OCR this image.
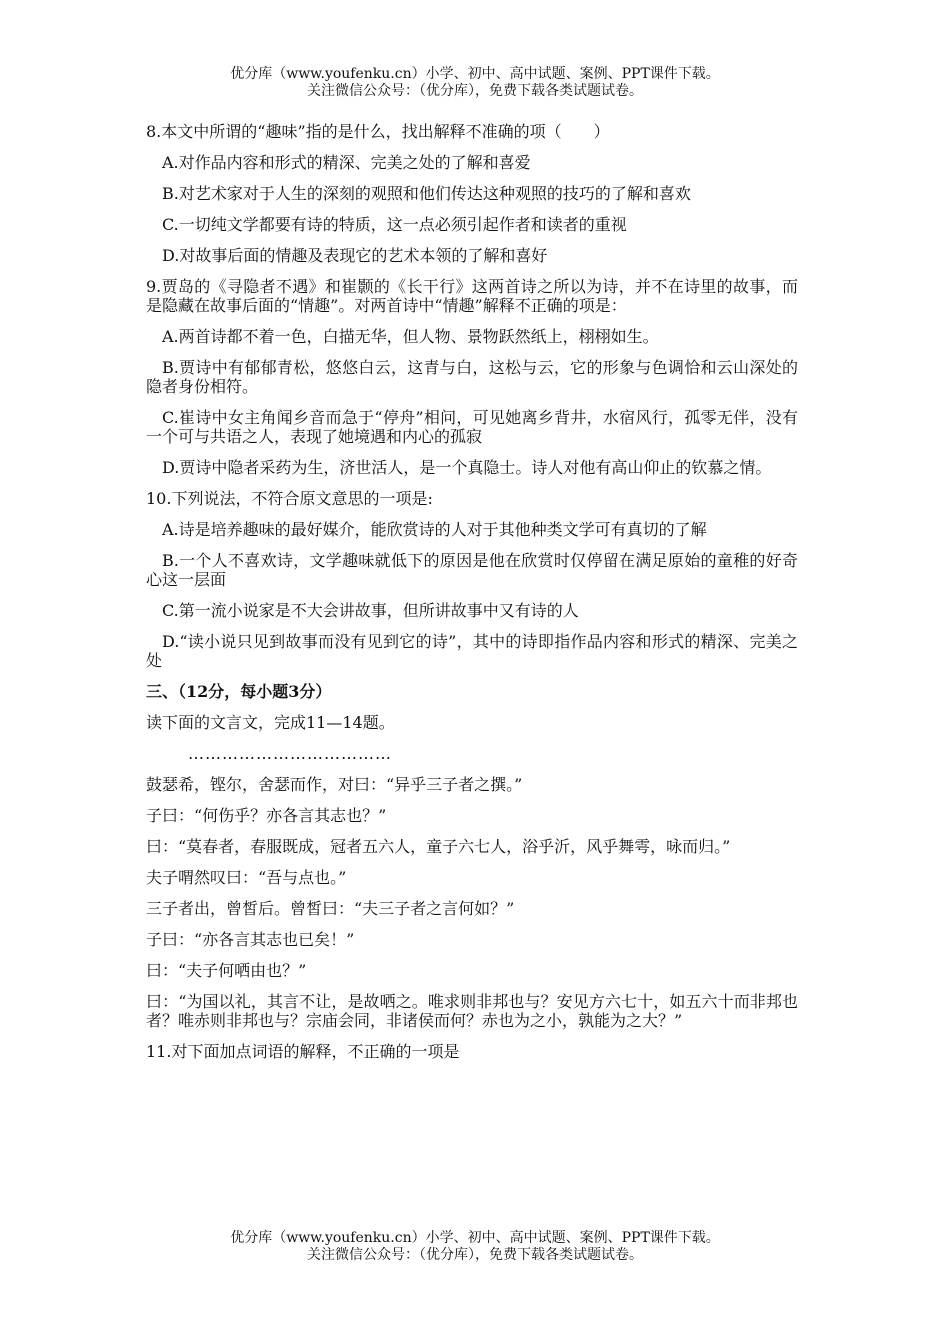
优分库（www.youfenku.cn）小学、初中、高中试题、案例、PPT课件下载。
关注微信公众号：（优分库），免费下载各类试题试卷。
8.本文中所谓的“趣味”指的是什么，找出解释不准确的项（　　）
A.对作品内容和形式的精深、完美之处的了解和喜爱
B.对艺术家对于人生的深刻的观照和他们传达这种观照的技巧的了解和喜欢
C.一切纯文学都要有诗的特质，这一点必须引起作者和读者的重视
D.对故事后面的情趣及表现它的艺术本领的了解和喜好
9.贾岛的《寻隐者不遇》和崔颢的《长干行》这两首诗之所以为诗，并不在诗里的故事，而是隐藏在故事后面的“情趣”。对两首诗中“情趣”解释不正确的项是：
A.两首诗都不着一色，白描无华，但人物、景物跃然纸上，栩栩如生。
B.贾诗中有郁郁青松，悠悠白云，这青与白，这松与云，它的形象与色调恰和云山深处的隐者身份相符。
C.崔诗中女主角闻乡音而急于“停舟”相问，可见她离乡背井，水宿风行，孤零无伴，没有一个可与共语之人，表现了她境遇和内心的孤寂
D.贾诗中隐者采药为生，济世活人，是一个真隐士。诗人对他有高山仰止的钦慕之情。
10.下列说法，不符合原文意思的一项是:
A.诗是培养趣味的最好媒介，能欣赏诗的人对于其他种类文学可有真切的了解
B.一个人不喜欢诗，文学趣味就低下的原因是他在欣赏时仅停留在满足原始的童稚的好奇心这一层面
C.第一流小说家是不大会讲故事，但所讲故事中又有诗的人
D.“读小说只见到故事而没有见到它的诗”，其中的诗即指作品内容和形式的精深、完美之处
三、（12分，每小题3分）
读下面的文言文，完成11—14题。
………………………………
鼓瑟希，铿尔，舍瑟而作，对曰：“异乎三子者之撰。”
子曰：“何伤乎？亦各言其志也？”
曰：“莫春者，春服既成，冠者五六人，童子六七人，浴乎沂，风乎舞雩，咏而归。”
夫子喟然叹曰：“吾与点也。”
三子者出，曾皙后。曾皙曰：“夫三子者之言何如？”
子曰：“亦各言其志也已矣！”
曰：“夫子何哂由也？”
曰：“为国以礼，其言不让，是故哂之。唯求则非邦也与？安见方六七十，如五六十而非邦也者？唯赤则非邦也与？宗庙会同，非诸侯而何？赤也为之小，孰能为之大？”
11.对下面加点词语的解释，不正确的一项是
优分库（www.youfenku.cn）小学、初中、高中试题、案例、PPT课件下载。
关注微信公众号：（优分库），免费下载各类试题试卷。
